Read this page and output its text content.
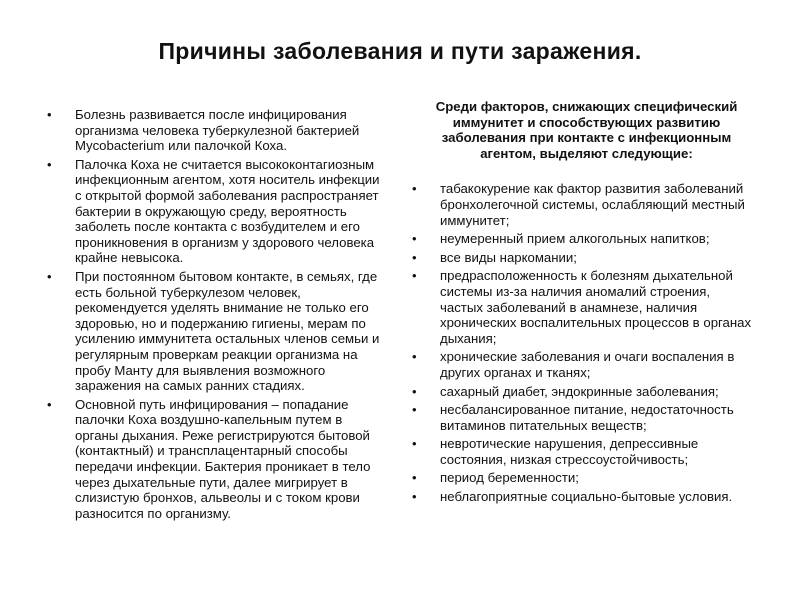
Причины заболевания и пути заражения.
• Болезнь развивается после инфицирования организма человека туберкулезной бактерией Mycobacterium или палочкой Коха.
• Палочка Коха не считается высококонтагиозным инфекционным агентом, хотя носитель инфекции с открытой формой заболевания распространяет бактерии в окружающую среду, вероятность заболеть после контакта с возбудителем и его проникновения в организм у здорового человека крайне невысока.
• При постоянном бытовом контакте, в семьях, где есть больной туберкулезом человек, рекомендуется уделять внимание не только его здоровью, но и подержанию гигиены, мерам по усилению иммунитета остальных членов семьи и регулярным проверкам реакции организма на пробу Манту для выявления возможного заражения на самых ранних стадиях.
• Основной путь инфицирования – попадание палочки Коха воздушно-капельным путем в органы дыхания. Реже регистрируются бытовой (контактный) и трансплацентарный способы передачи инфекции. Бактерия проникает в тело через дыхательные пути, далее мигрирует в слизистую бронхов, альвеолы и с током крови разносится по организму.

Среди факторов, снижающих специфический иммунитет и способствующих развитию заболевания при контакте с инфекционным агентом, выделяют следующие:

• табакокурение как фактор развития заболеваний бронхолегочной системы, ослабляющий местный иммунитет;
• неумеренный прием алкогольных напитков;
• все виды наркомании;
• предрасположенность к болезням дыхательной системы из-за наличия аномалий строения, частых заболеваний в анамнезе, наличия хронических воспалительных процессов в органах дыхания;
• хронические заболевания и очаги воспаления в других органах и тканях;
• сахарный диабет, эндокринные заболевания;
• несбалансированное питание, недостаточность витаминов питательных веществ;
• невротические нарушения, депрессивные состояния, низкая стрессоустойчивость;
• период беременности;
• неблагоприятные социально-бытовые условия.
